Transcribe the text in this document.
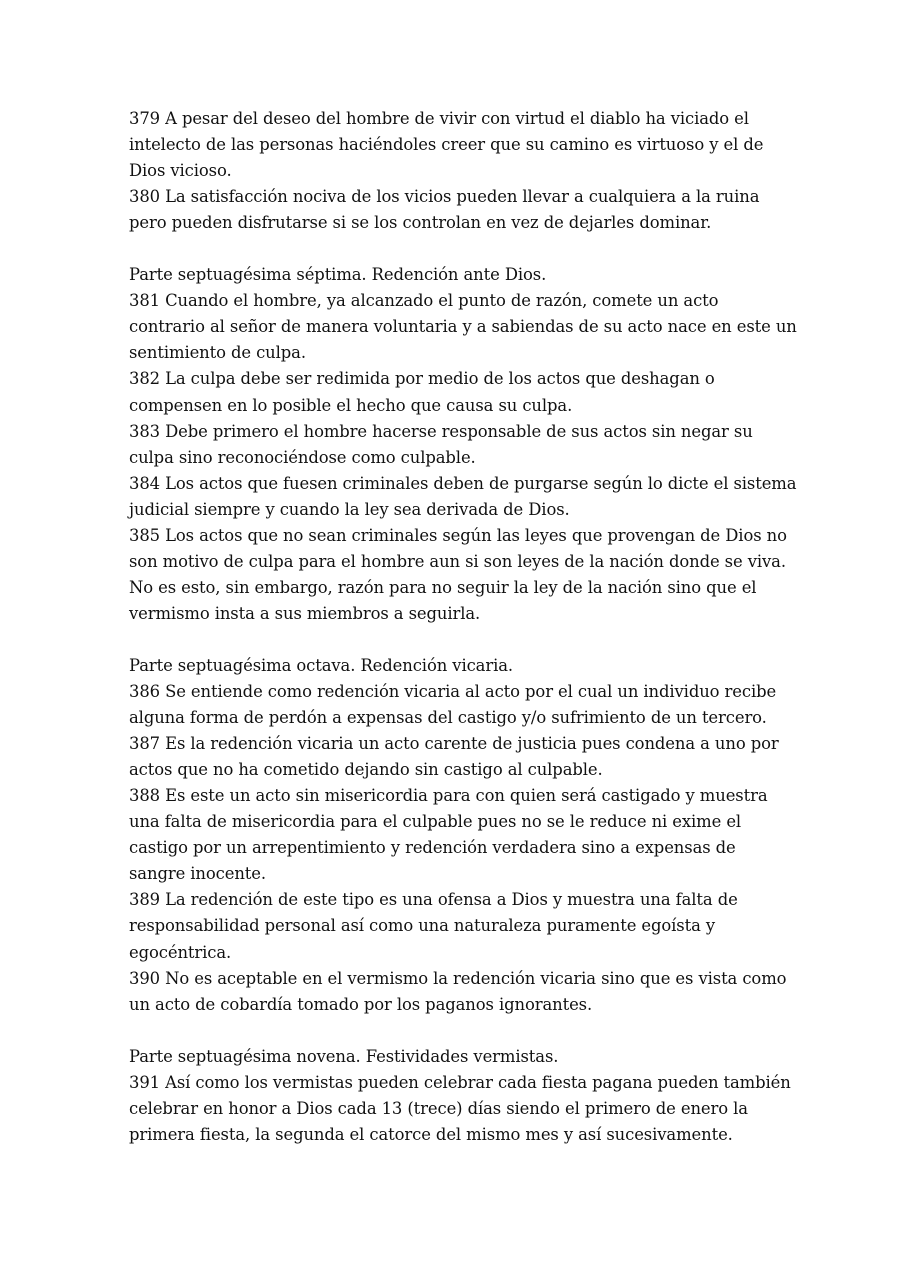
379 A pesar del deseo del hombre de vivir con virtud el diablo ha viciado el
intelecto de las personas haciéndoles creer que su camino es virtuoso y el de
Dios vicioso.
380 La satisfacción nociva de los vicios pueden llevar a cualquiera a la ruina
pero pueden disfrutarse si se los controlan en vez de dejarles dominar.
Parte septuagésima séptima. Redención ante Dios.
381 Cuando el hombre, ya alcanzado el punto de razón, comete un acto
contrario al señor de manera voluntaria y a sabiendas de su acto nace en este un
sentimiento de culpa.
382 La culpa debe ser redimida por medio de los actos que deshagan o
compensen en lo posible el hecho que causa su culpa.
383 Debe primero el hombre hacerse responsable de sus actos sin negar su
culpa sino reconociéndose como culpable.
384 Los actos que fuesen criminales deben de purgarse según lo dicte el sistema
judicial siempre y cuando la ley sea derivada de Dios.
385 Los actos que no sean criminales según las leyes que provengan de Dios no
son motivo de culpa para el hombre aun si son leyes de la nación donde se viva.
No es esto, sin embargo, razón para no seguir la ley de la nación sino que el
vermismo insta a sus miembros a seguirla.
Parte septuagésima octava. Redención vicaria.
386 Se entiende como redención vicaria al acto por el cual un individuo recibe
alguna forma de perdón a expensas del castigo y/o sufrimiento de un tercero.
387 Es la redención vicaria un acto carente de justicia pues condena a uno por
actos que no ha cometido dejando sin castigo al culpable.
388 Es este un acto sin misericordia para con quien será castigado y muestra
una falta de misericordia para el culpable pues no se le reduce ni exime el
castigo por un arrepentimiento y redención verdadera sino a expensas de
sangre inocente.
389 La redención de este tipo es una ofensa a Dios y muestra una falta de
responsabilidad personal así como una naturaleza puramente egoísta y
egocéntrica.
390 No es aceptable en el vermismo la redención vicaria sino que es vista como
un acto de cobardía tomado por los paganos ignorantes.
Parte septuagésima novena. Festividades vermistas.
391 Así como los vermistas pueden celebrar cada fiesta pagana pueden también
celebrar en honor a Dios cada 13 (trece) días siendo el primero de enero la
primera fiesta, la segunda el catorce del mismo mes y así sucesivamente.
